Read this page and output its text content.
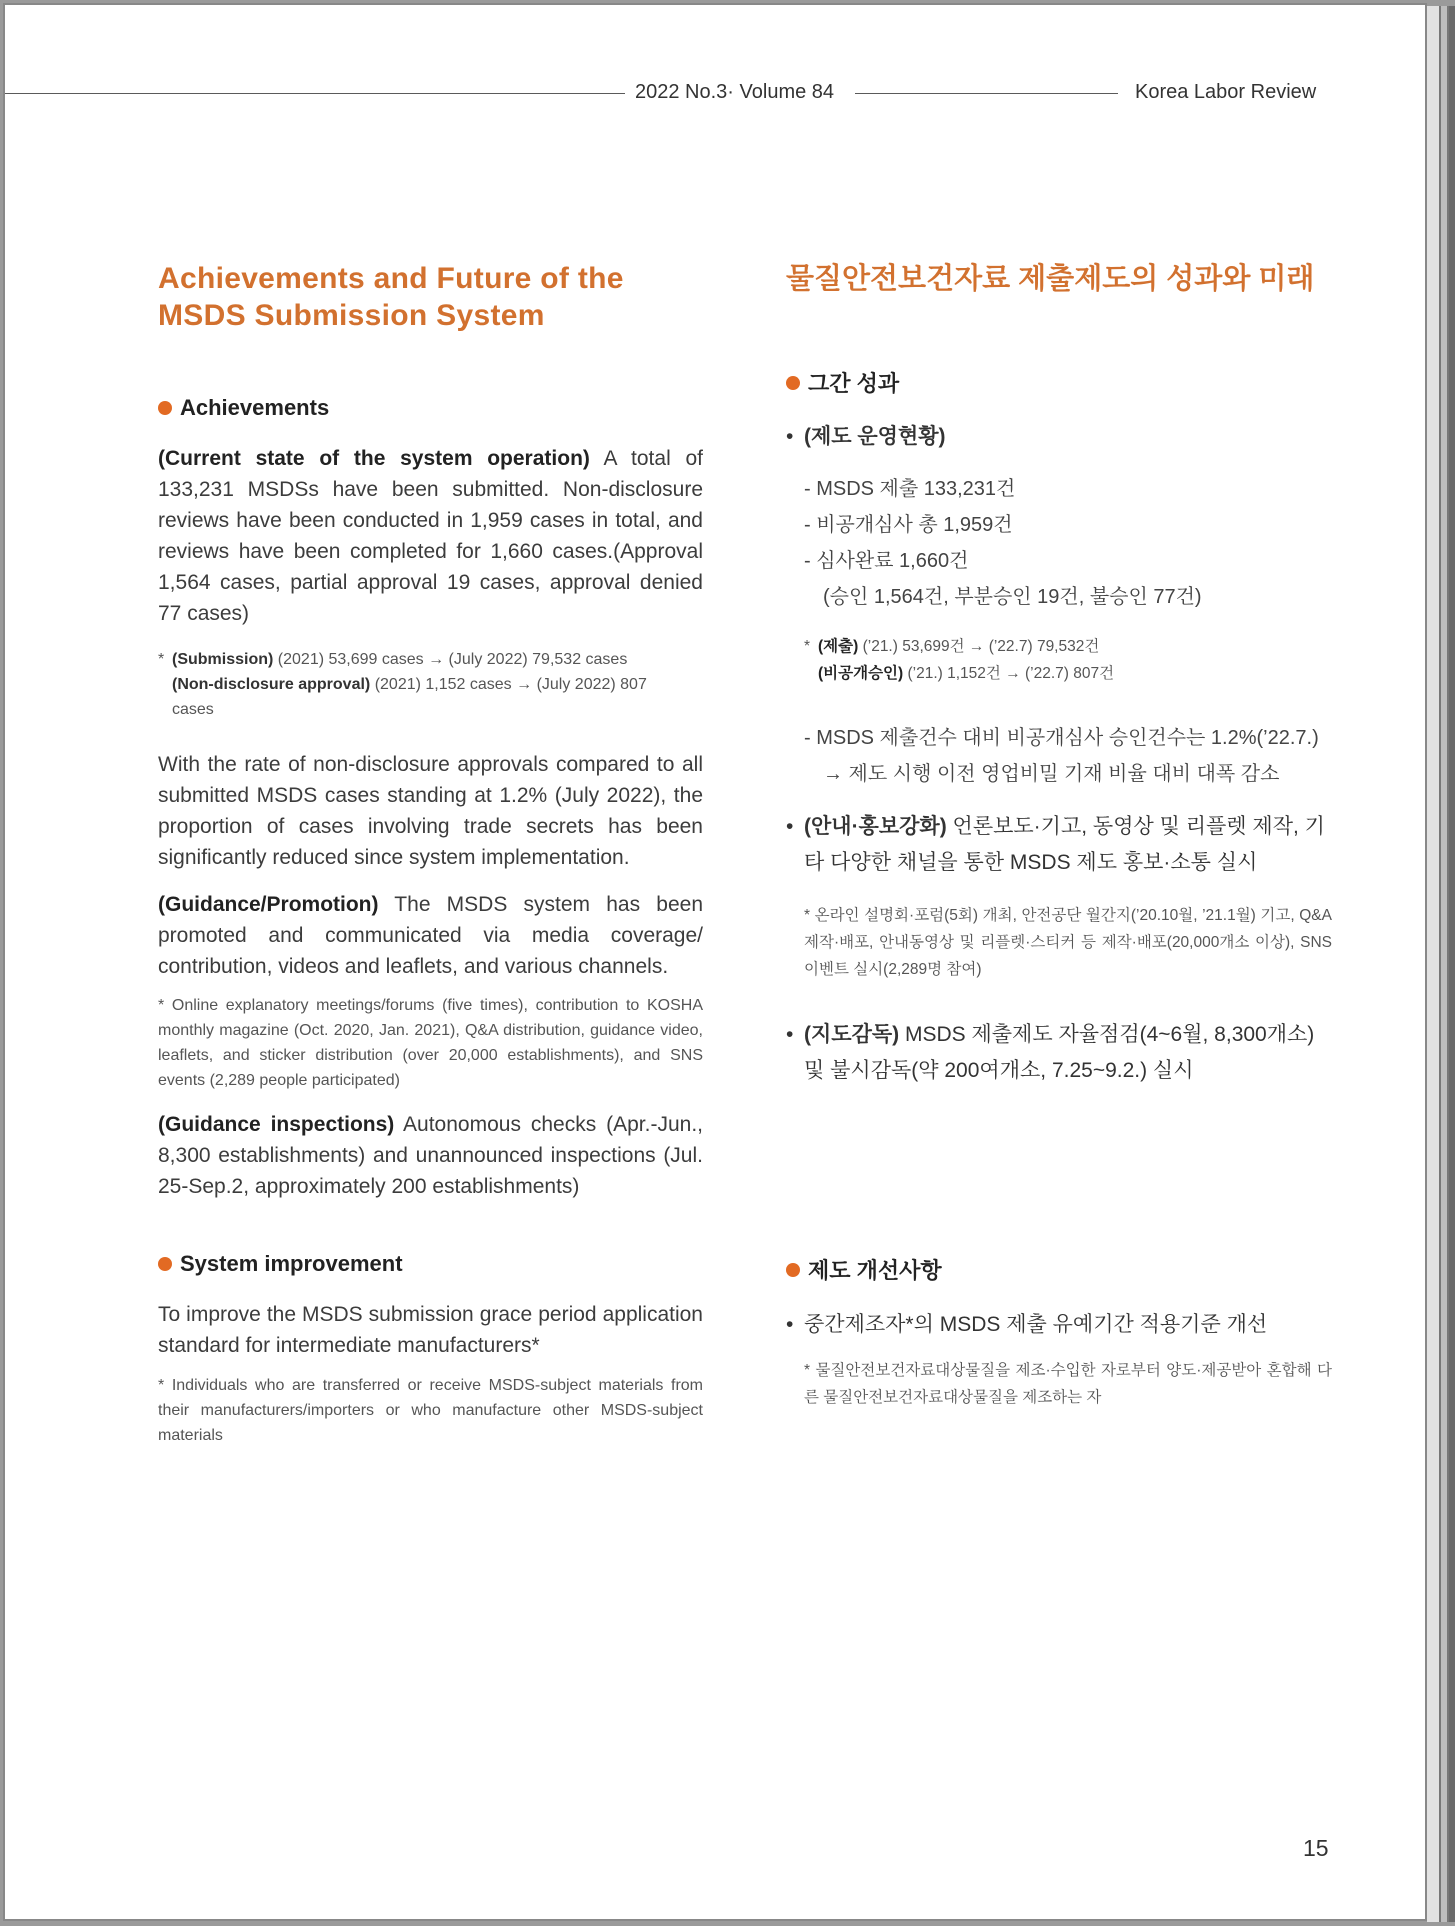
2022 No.3· Volume 84	Korea Labor Review
Achievements and Future of the MSDS Submission System
Achievements

(Current state of the system operation) A total of 133,231 MSDSs have been submitted. Non-disclosure reviews have been conducted in 1,959 cases in total, and reviews have been completed for 1,660 cases.(Approval 1,564 cases, partial approval 19 cases, approval denied 77 cases)

* (Submission) (2021) 53,699 cases → (July 2022) 79,532 cases
(Non-disclosure approval) (2021) 1,152 cases → (July 2022) 807 cases

With the rate of non-disclosure approvals compared to all submitted MSDS cases standing at 1.2% (July 2022), the proportion of cases involving trade secrets has been significantly reduced since system implementation.

(Guidance/Promotion) The MSDS system has been promoted and communicated via media coverage/ contribution, videos and leaflets, and various channels.

* Online explanatory meetings/forums (five times), contribution to KOSHA monthly magazine (Oct. 2020, Jan. 2021), Q&A distribution, guidance video, leaflets, and sticker distribution (over 20,000 establishments), and SNS events (2,289 people participated)

(Guidance inspections) Autonomous checks (Apr.-Jun., 8,300 establishments) and unannounced inspections (Jul. 25-Sep.2, approximately 200 establishments)

System improvement

To improve the MSDS submission grace period application standard for intermediate manufacturers*

* Individuals who are transferred or receive MSDS-subject materials from their manufacturers/importers or who manufacture other MSDS-subject materials

물질안전보건자료 제출제도의 성과와 미래
그간 성과

• (제도 운영현황)

- MSDS 제출 133,231건

- 비공개심사 총 1,959건

- 심사완료 1,660건

(승인 1,564건, 부분승인 19건, 불승인 77건)

* (제출) (’21.) 53,699건 → (’22.7) 79,532건
(비공개승인) (’21.) 1,152건 → (’22.7) 807건

- MSDS 제출건수 대비 비공개심사 승인건수는 1.2%(’22.7.)

→ 제도 시행 이전 영업비밀 기재 비율 대비 대폭 감소

• (안내·홍보강화) 언론보도·기고, 동영상 및 리플렛 제작, 기타 다양한 채널을 통한 MSDS 제도 홍보·소통 실시

* 온라인 설명회·포럼(5회) 개최, 안전공단 월간지(’20.10월, ’21.1월) 기고, Q&A 제작·배포, 안내동영상 및 리플렛·스티커 등 제작·배포(20,000개소 이상), SNS 이벤트 실시(2,289명 참여)

• (지도감독) MSDS 제출제도 자율점검(4~6월, 8,300개소) 및 불시감독(약 200여개소, 7.25~9.2.) 실시

제도 개선사항

• 중간제조자*의 MSDS 제출 유예기간 적용기준 개선

* 물질안전보건자료대상물질을 제조·수입한 자로부터 양도·제공받아 혼합해 다른 물질안전보건자료대상물질을 제조하는 자

15
